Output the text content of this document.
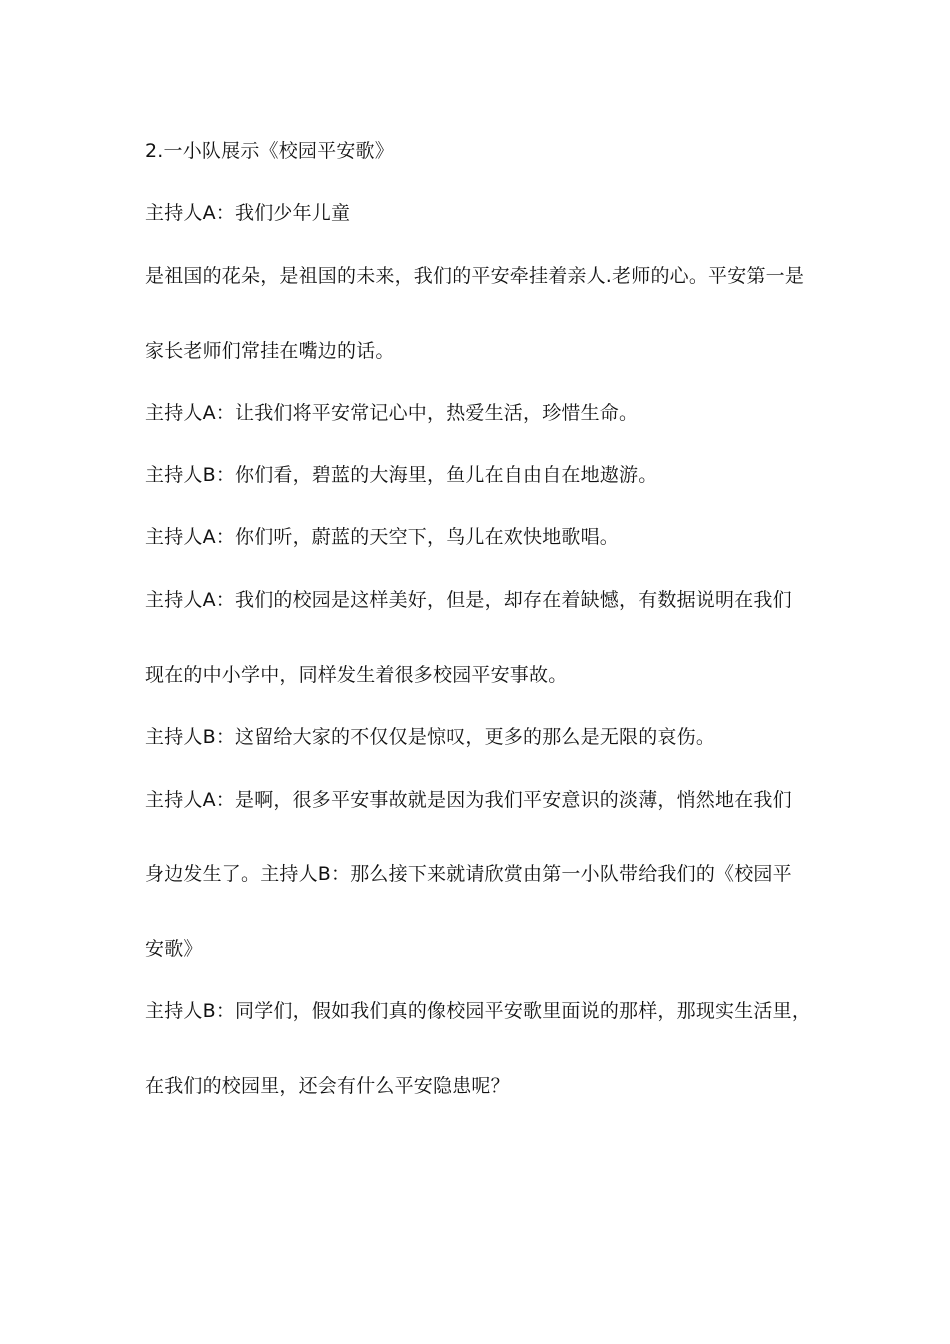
2.一小队展示《校园平安歌》
主持人A：我们少年儿童
是祖国的花朵，是祖国的未来，我们的平安牵挂着亲人.老师的心。平安第一是
家长老师们常挂在嘴边的话。
主持人A：让我们将平安常记心中，热爱生活，珍惜生命。
主持人B：你们看，碧蓝的大海里，鱼儿在自由自在地遨游。
主持人A：你们听，蔚蓝的天空下，鸟儿在欢快地歌唱。
主持人A：我们的校园是这样美好，但是，却存在着缺憾，有数据说明在我们
现在的中小学中，同样发生着很多校园平安事故。
主持人B：这留给大家的不仅仅是惊叹，更多的那么是无限的哀伤。
主持人A：是啊，很多平安事故就是因为我们平安意识的淡薄，悄然地在我们
身边发生了。主持人B：那么接下来就请欣赏由第一小队带给我们的《校园平
安歌》
主持人B：同学们，假如我们真的像校园平安歌里面说的那样，那现实生活里，
在我们的校园里，还会有什么平安隐患呢？
